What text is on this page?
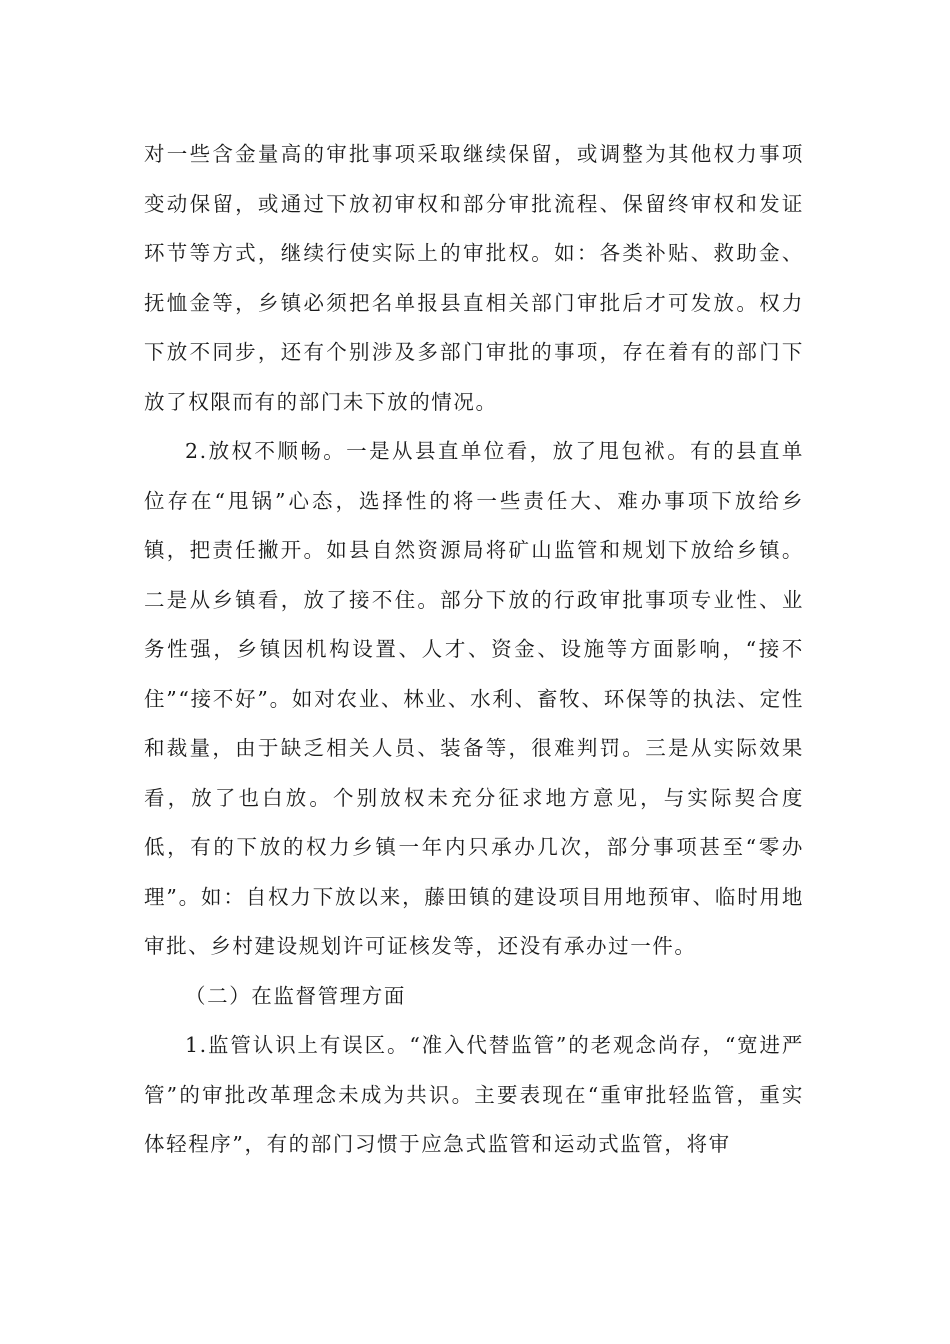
对一些含金量高的审批事项采取继续保留，或调整为其他权力事项变动保留，或通过下放初审权和部分审批流程、保留终审权和发证环节等方式，继续行使实际上的审批权。如：各类补贴、救助金、抚恤金等，乡镇必须把名单报县直相关部门审批后才可发放。权力下放不同步，还有个别涉及多部门审批的事项，存在着有的部门下放了权限而有的部门未下放的情况。

2.放权不顺畅。一是从县直单位看，放了甩包袱。有的县直单位存在“甩锅”心态，选择性的将一些责任大、难办事项下放给乡镇，把责任撇开。如县自然资源局将矿山监管和规划下放给乡镇。二是从乡镇看，放了接不住。部分下放的行政审批事项专业性、业务性强，乡镇因机构设置、人才、资金、设施等方面影响，“接不住”“接不好”。如对农业、林业、水利、畜牧、环保等的执法、定性和裁量，由于缺乏相关人员、装备等，很难判罚。三是从实际效果看，放了也白放。个别放权未充分征求地方意见，与实际契合度低，有的下放的权力乡镇一年内只承办几次，部分事项甚至“零办理”。如：自权力下放以来，藤田镇的建设项目用地预审、临时用地审批、乡村建设规划许可证核发等，还没有承办过一件。

（二）在监督管理方面

1.监管认识上有误区。“准入代替监管”的老观念尚存，“宽进严管”的审批改革理念未成为共识。主要表现在“重审批轻监管，重实体轻程序”，有的部门习惯于应急式监管和运动式监管，将审
